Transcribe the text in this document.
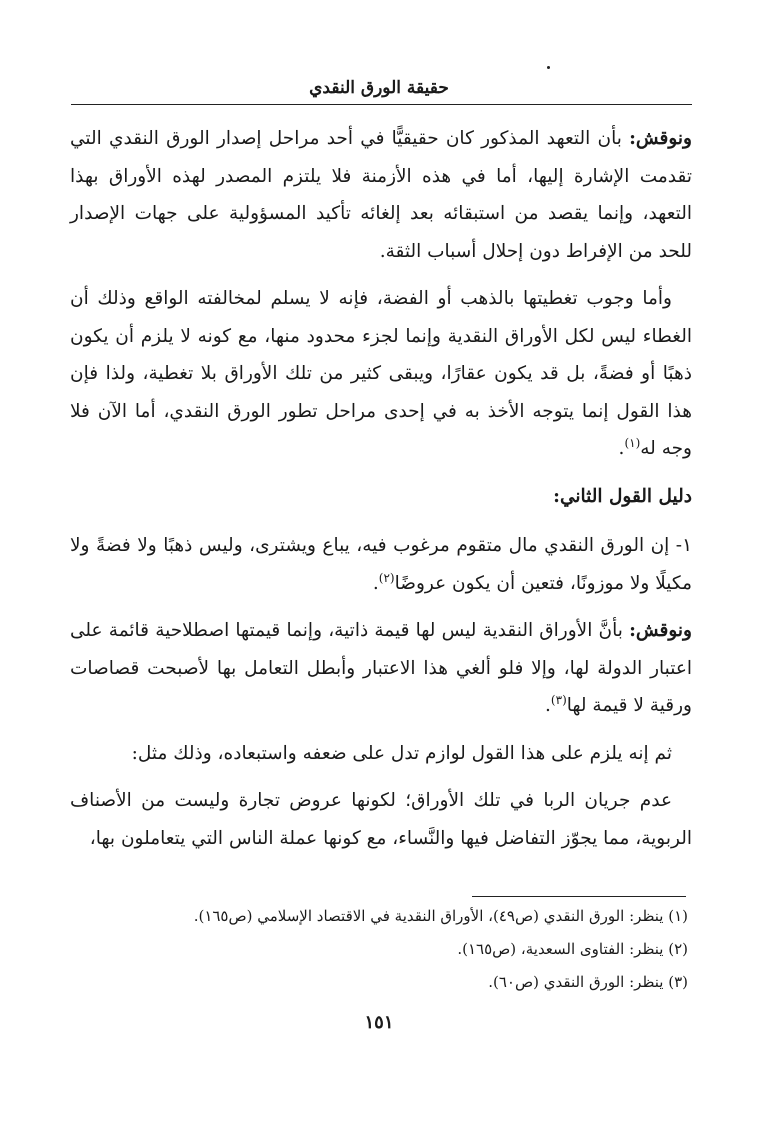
حقيقة الورق النقدي

ونوقش: بأن التعهد المذكور كان حقيقيًّا في أحد مراحل إصدار الورق النقدي التي تقدمت الإشارة إليها، أما في هذه الأزمنة فلا يلتزم المصدر لهذه الأوراق بهذا التعهد، وإنما يقصد من استبقائه بعد إلغائه تأكيد المسؤولية على جهات الإصدار للحد من الإفراط دون إحلال أسباب الثقة.

وأما وجوب تغطيتها بالذهب أو الفضة، فإنه لا يسلم لمخالفته الواقع وذلك أن الغطاء ليس لكل الأوراق النقدية وإنما لجزء محدود منها، مع كونه لا يلزم أن يكون ذهبًا أو فضةً، بل قد يكون عقارًا، ويبقى كثير من تلك الأوراق بلا تغطية، ولذا فإن هذا القول إنما يتوجه الأخذ به في إحدى مراحل تطور الورق النقدي، أما الآن فلا وجه له$^{(١)}$.

دليل القول الثاني:

١- إن الورق النقدي مال متقوم مرغوب فيه، يباع ويشترى، وليس ذهبًا ولا فضةً ولا مكيلًا ولا موزونًا، فتعين أن يكون عروضًا$^{(٢)}$.

ونوقش: بأنَّ الأوراق النقدية ليس لها قيمة ذاتية، وإنما قيمتها اصطلاحية قائمة على اعتبار الدولة لها، وإلا فلو ألغي هذا الاعتبار وأبطل التعامل بها لأصبحت قصاصات ورقية لا قيمة لها$^{(٣)}$.

ثم إنه يلزم على هذا القول لوازم تدل على ضعفه واستبعاده، وذلك مثل:

عدم جريان الربا في تلك الأوراق؛ لكونها عروض تجارة وليست من الأصناف الربوية، مما يجوّز التفاضل فيها والنَّساء، مع كونها عملة الناس التي يتعاملون بها،

(١) ينظر: الورق النقدي (ص٤٩)، الأوراق النقدية في الاقتصاد الإسلامي (ص١٦٥).
(٢) ينظر: الفتاوى السعدية، (ص١٦٥).
(٣) ينظر: الورق النقدي (ص٦٠).
١٥١
